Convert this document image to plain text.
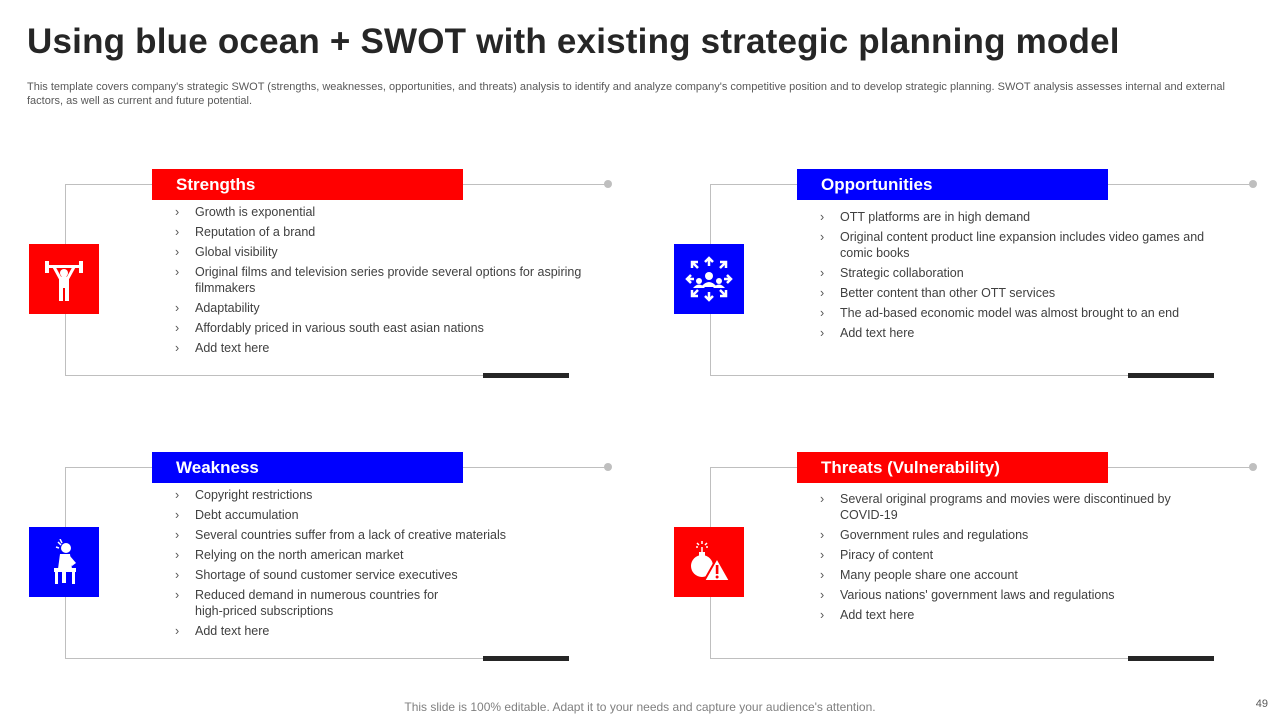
Using blue ocean + SWOT with existing strategic planning model

This template covers company's strategic SWOT (strengths, weaknesses, opportunities, and threats) analysis to identify and analyze company's competitive position and to develop strategic planning. SWOT analysis assesses internal and external factors, as well as current and future potential.

Strengths
› Growth is exponential
› Reputation of a brand
› Global visibility
› Original films and television series provide several options for aspiring filmmakers
› Adaptability
› Affordably priced in various south east asian nations
› Add text here
Opportunities
› OTT platforms are in high demand
› Original content product line expansion includes video games and comic books
› Strategic collaboration
› Better content than other OTT services
› The ad-based economic model was almost brought to an end
› Add text here
Weakness
› Copyright restrictions
› Debt accumulation
› Several countries suffer from a lack of creative materials
› Relying on the north american market
› Shortage of sound customer service executives
› Reduced demand in numerous countries for high-priced subscriptions
› Add text here
Threats (Vulnerability)
› Several original programs and movies were discontinued by COVID-19
› Government rules and regulations
› Piracy of content
› Many people share one account
› Various nations' government laws and regulations
› Add text here
This slide is 100% editable. Adapt it to your needs and capture your audience's attention.	49
